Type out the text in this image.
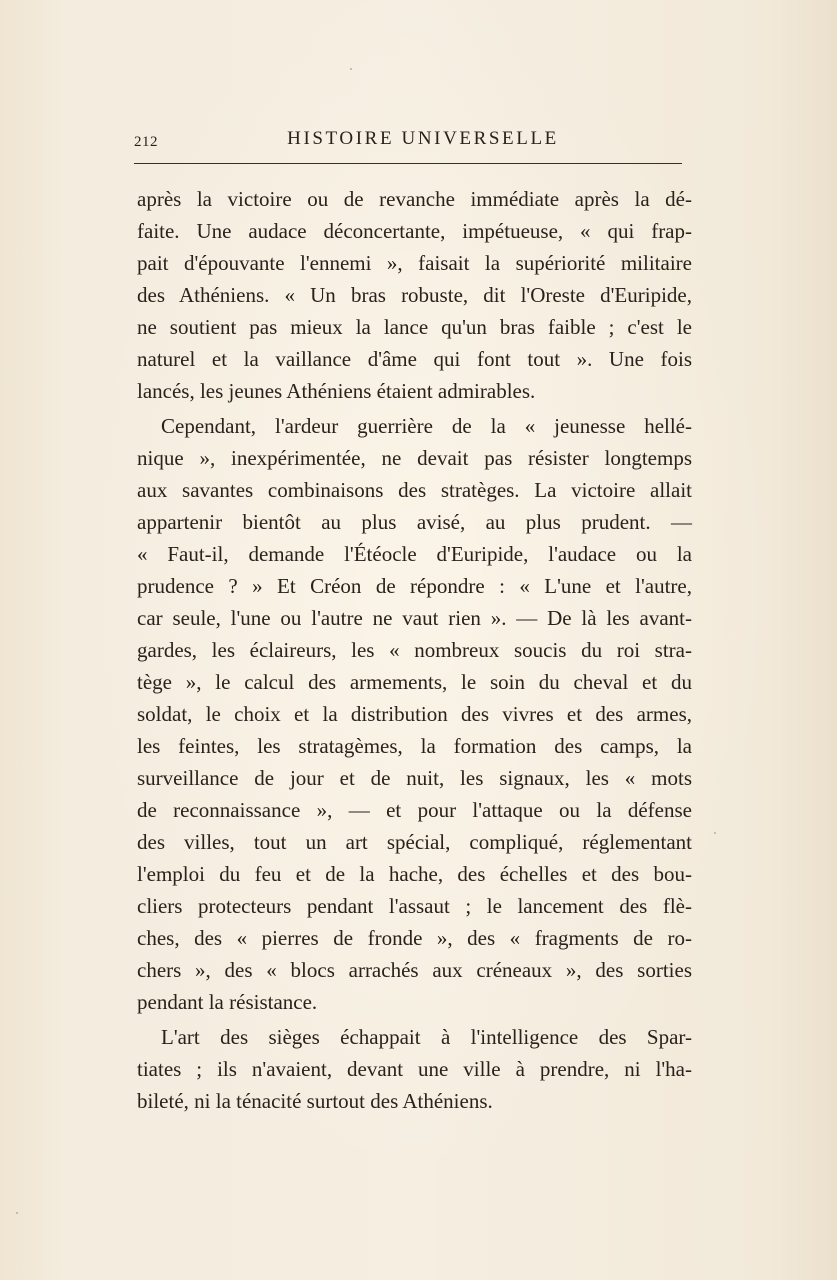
212	HISTOIRE UNIVERSELLE
après la victoire ou de revanche immédiate après la dé-
faite. Une audace déconcertante, impétueuse, « qui frap-
pait d'épouvante l'ennemi », faisait la supériorité militaire
des Athéniens. « Un bras robuste, dit l'Oreste d'Euripide,
ne soutient pas mieux la lance qu'un bras faible ; c'est le
naturel et la vaillance d'âme qui font tout ». Une fois
lancés, les jeunes Athéniens étaient admirables.
Cependant, l'ardeur guerrière de la « jeunesse hellé-
nique », inexpérimentée, ne devait pas résister longtemps
aux savantes combinaisons des stratèges. La victoire allait
appartenir bientôt au plus avisé, au plus prudent. —
« Faut-il, demande l'Étéocle d'Euripide, l'audace ou la
prudence ? » Et Créon de répondre : « L'une et l'autre,
car seule, l'une ou l'autre ne vaut rien ». — De là les avant-
gardes, les éclaireurs, les « nombreux soucis du roi stra-
tège », le calcul des armements, le soin du cheval et du
soldat, le choix et la distribution des vivres et des armes,
les feintes, les stratagèmes, la formation des camps, la
surveillance de jour et de nuit, les signaux, les « mots
de reconnaissance », — et pour l'attaque ou la défense
des villes, tout un art spécial, compliqué, réglementant
l'emploi du feu et de la hache, des échelles et des bou-
cliers protecteurs pendant l'assaut ; le lancement des flè-
ches, des « pierres de fronde », des « fragments de ro-
chers », des « blocs arrachés aux créneaux », des sorties
pendant la résistance.
L'art des sièges échappait à l'intelligence des Spar-
tiates ; ils n'avaient, devant une ville à prendre, ni l'ha-
bileté, ni la ténacité surtout des Athéniens.
